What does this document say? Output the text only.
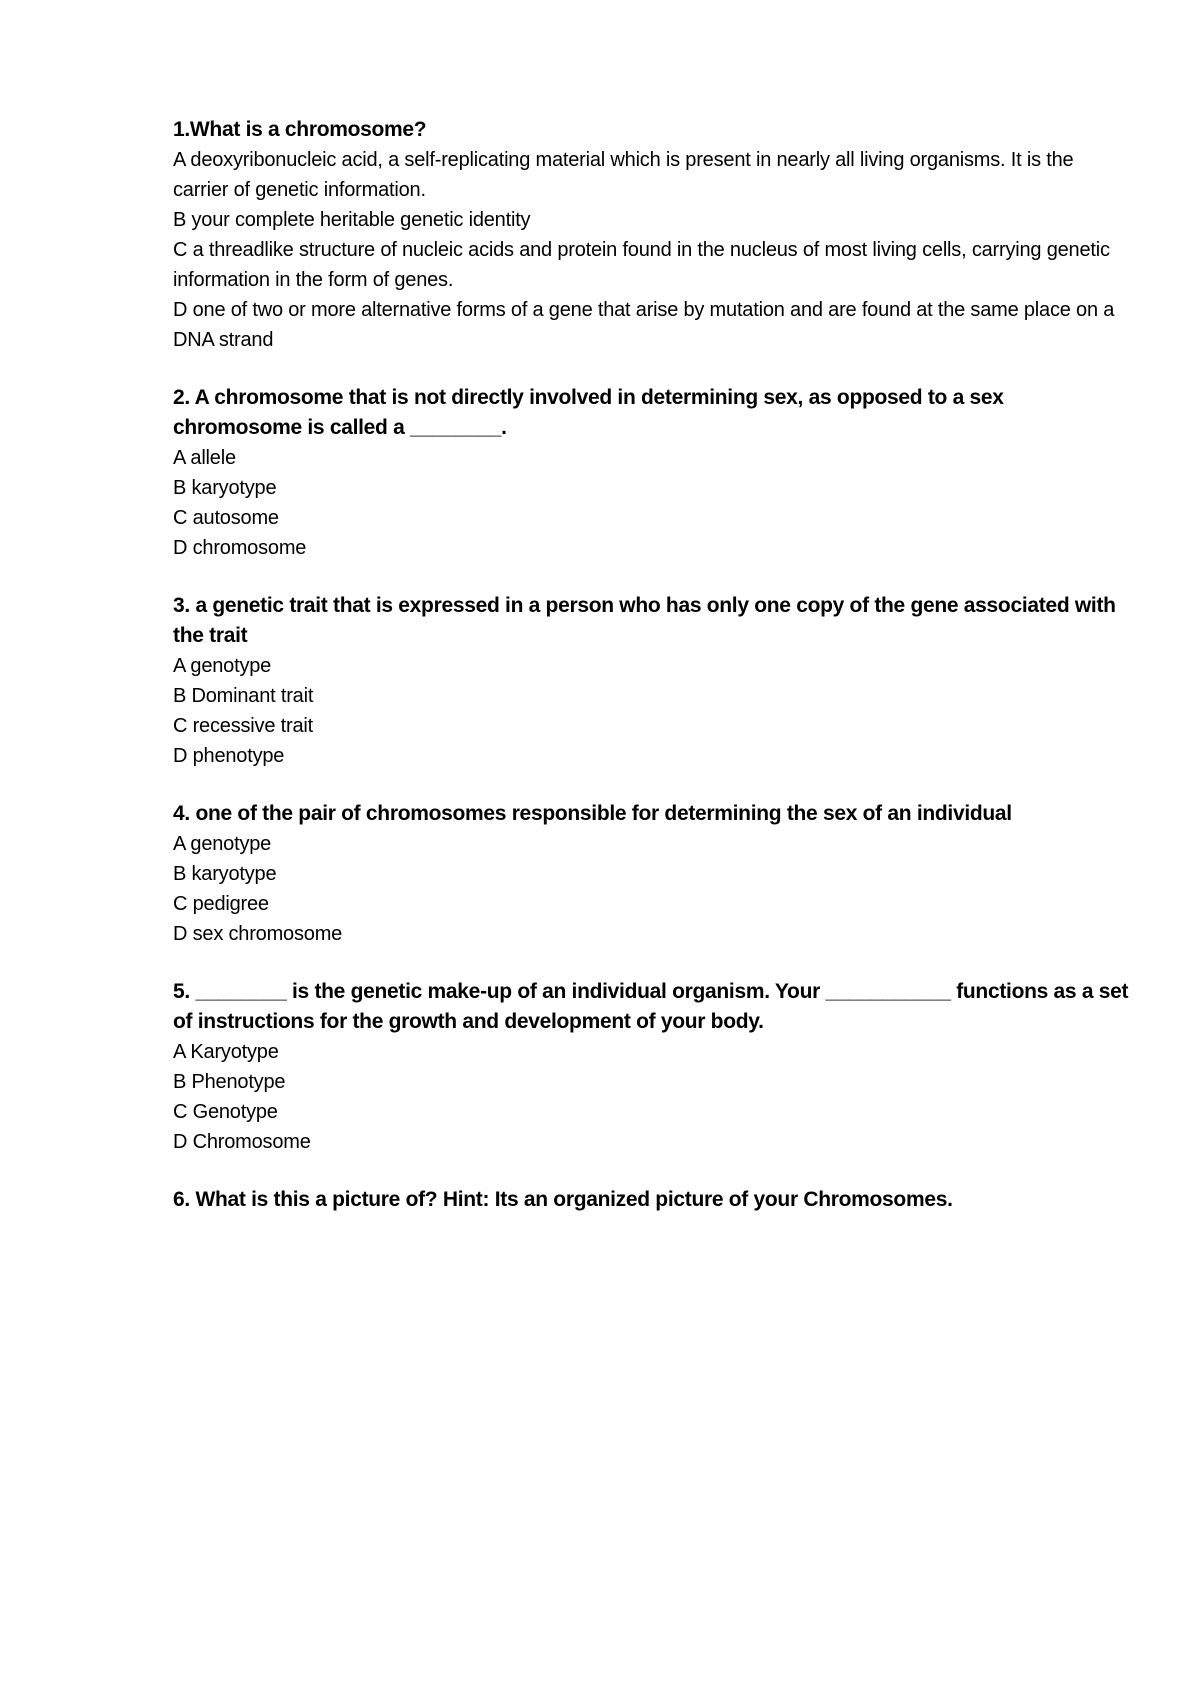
1.What is a chromosome?

A deoxyribonucleic acid, a self-replicating material which is present in nearly all living organisms. It is the carrier of genetic information.

B your complete heritable genetic identity

C a threadlike structure of nucleic acids and protein found in the nucleus of most living cells, carrying genetic information in the form of genes.

D one of two or more alternative forms of a gene that arise by mutation and are found at the same place on a DNA strand

2. A chromosome that is not directly involved in determining sex, as opposed to a sex chromosome is called a ________.

A allele

B karyotype

C autosome

D chromosome

3. a genetic trait that is expressed in a person who has only one copy of the gene associated with the trait

A genotype

B Dominant trait

C recessive trait

D phenotype

4. one of the pair of chromosomes responsible for determining the sex of an individual

A genotype

B karyotype

C pedigree

D sex chromosome

5. ________ is the genetic make-up of an individual organism. Your ___________ functions as a set of instructions for the growth and development of your body.

A Karyotype

B Phenotype

C Genotype

D Chromosome

6. What is this a picture of? Hint: Its an organized picture of your Chromosomes.
